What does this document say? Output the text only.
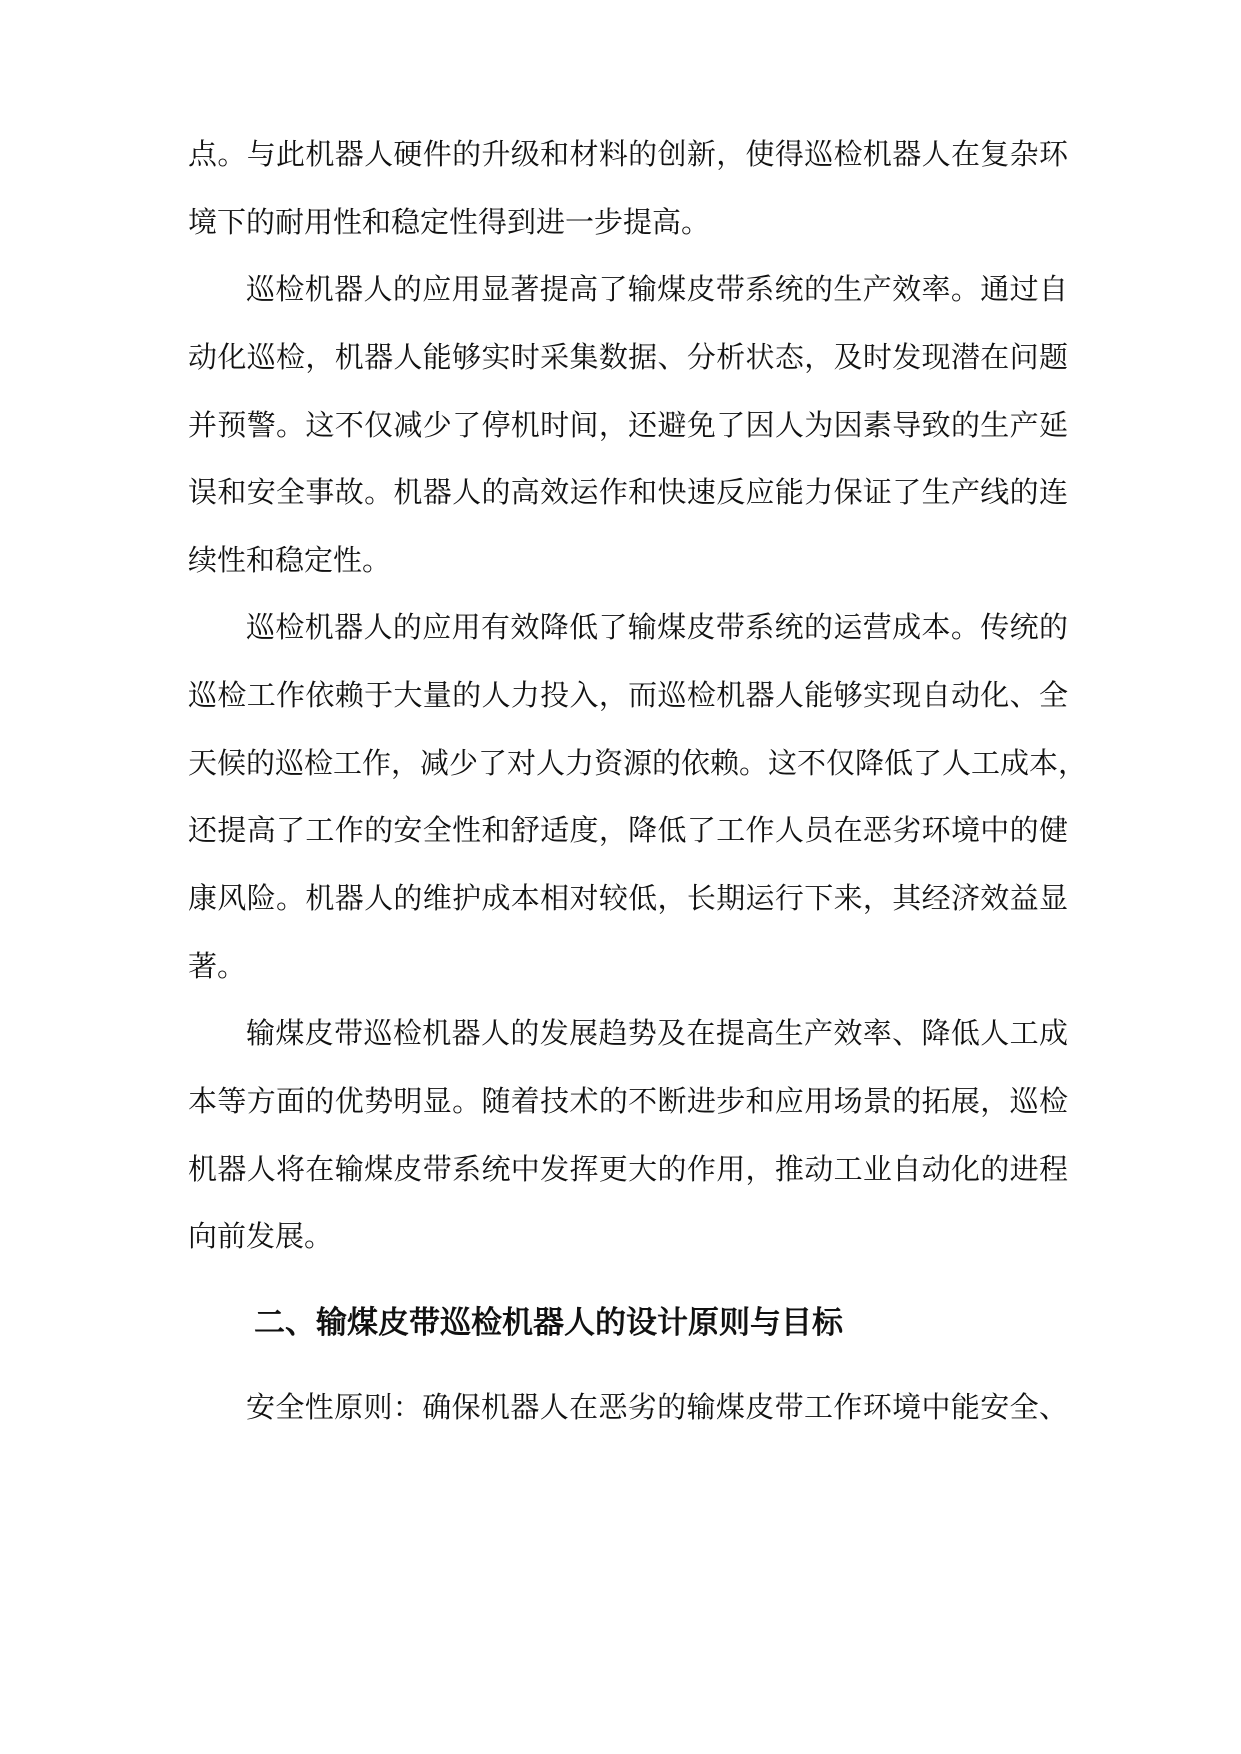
点。与此机器人硬件的升级和材料的创新，使得巡检机器人在复杂环
境下的耐用性和稳定性得到进一步提高。
巡检机器人的应用显著提高了输煤皮带系统的生产效率。通过自
动化巡检，机器人能够实时采集数据、分析状态，及时发现潜在问题
并预警。这不仅减少了停机时间，还避免了因人为因素导致的生产延
误和安全事故。机器人的高效运作和快速反应能力保证了生产线的连
续性和稳定性。
巡检机器人的应用有效降低了输煤皮带系统的运营成本。传统的
巡检工作依赖于大量的人力投入，而巡检机器人能够实现自动化、全
天候的巡检工作，减少了对人力资源的依赖。这不仅降低了人工成本，
还提高了工作的安全性和舒适度，降低了工作人员在恶劣环境中的健
康风险。机器人的维护成本相对较低，长期运行下来，其经济效益显
著。
输煤皮带巡检机器人的发展趋势及在提高生产效率、降低人工成
本等方面的优势明显。随着技术的不断进步和应用场景的拓展，巡检
机器人将在输煤皮带系统中发挥更大的作用，推动工业自动化的进程
向前发展。
二、输煤皮带巡检机器人的设计原则与目标
安全性原则：确保机器人在恶劣的输煤皮带工作环境中能安全、
